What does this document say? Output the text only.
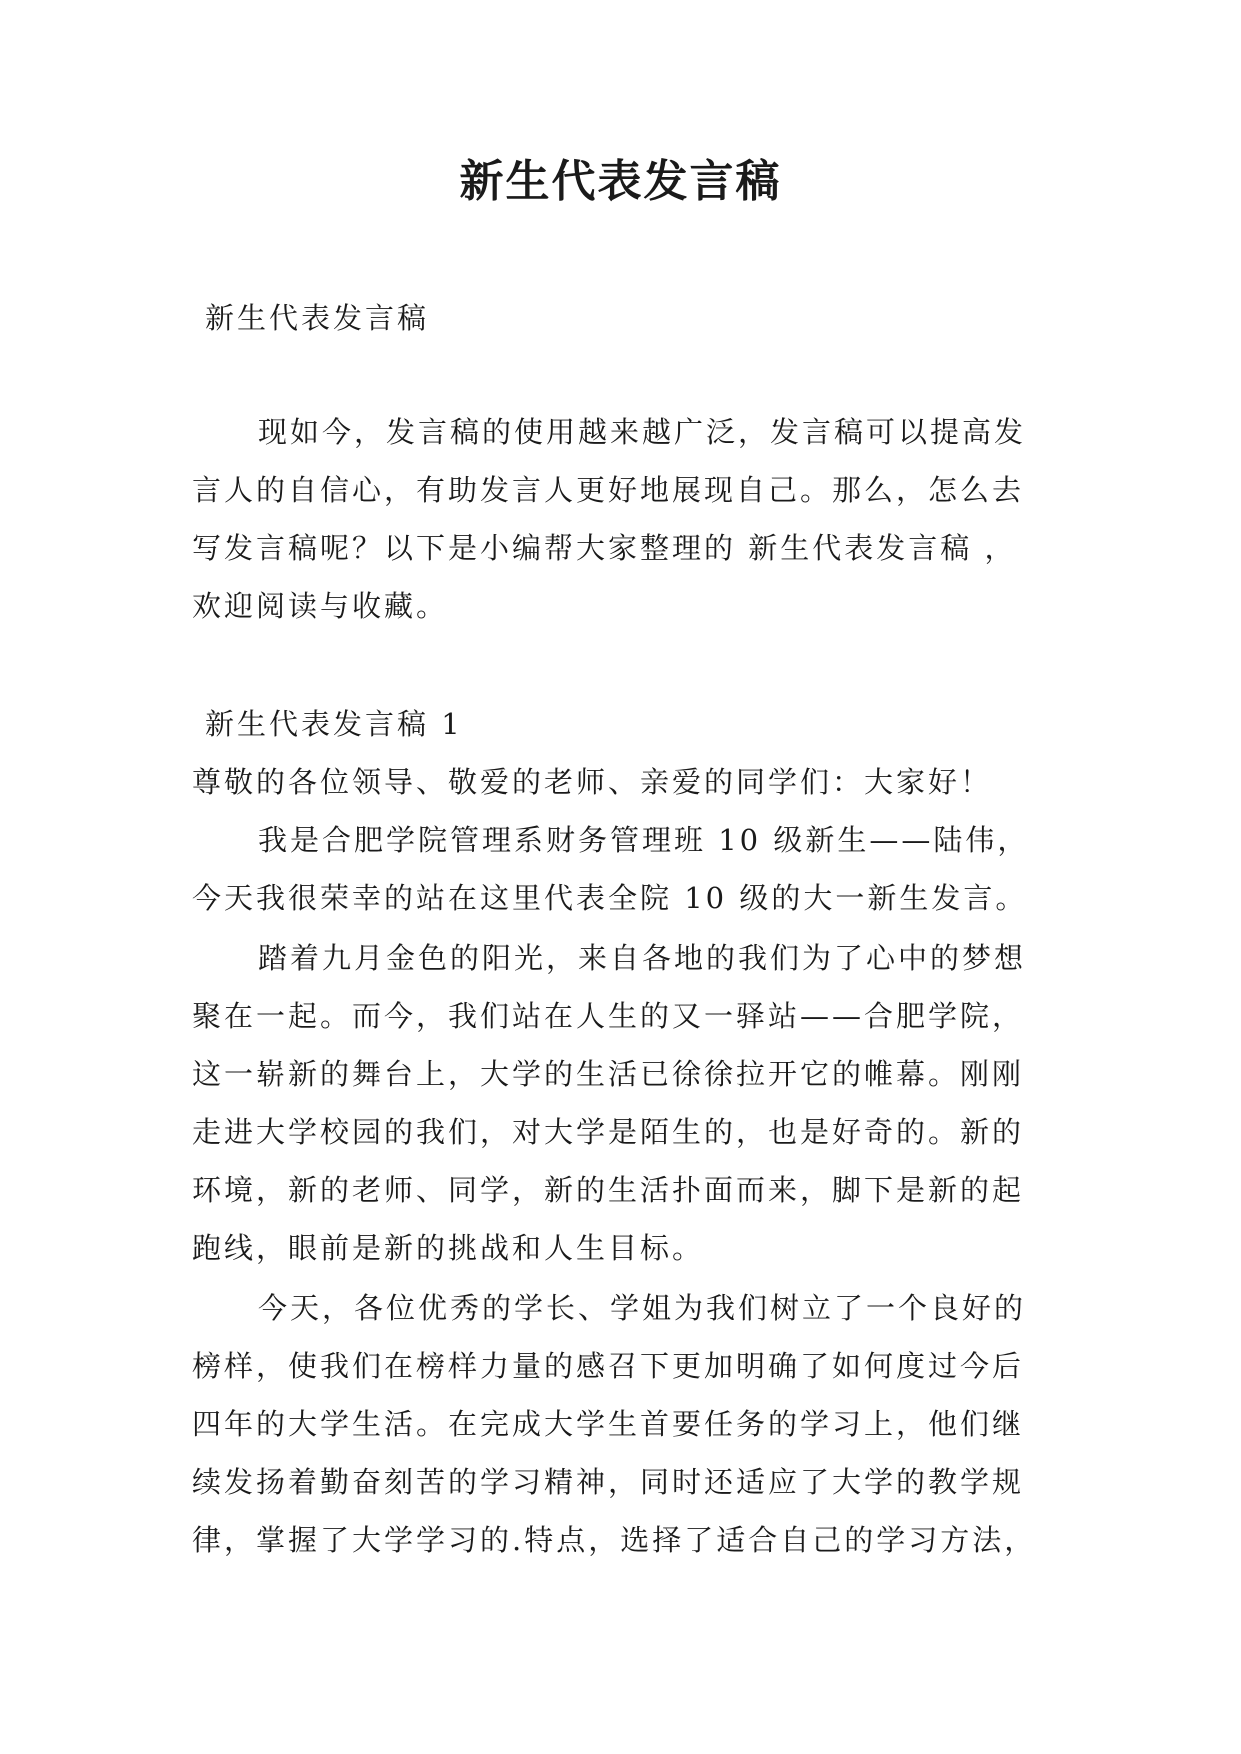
新生代表发言稿

新生代表发言稿

现如今，发言稿的使用越来越广泛，发言稿可以提高发

言人的自信心，有助发言人更好地展现自己。那么，怎么去

写发言稿呢？以下是小编帮大家整理的 新生代表发言稿 ，

欢迎阅读与收藏。

新生代表发言稿 1

尊敬的各位领导、敬爱的老师、亲爱的同学们：大家好！

我是合肥学院管理系财务管理班 10 级新生——陆伟，

今天我很荣幸的站在这里代表全院 10 级的大一新生发言。

踏着九月金色的阳光，来自各地的我们为了心中的梦想

聚在一起。而今，我们站在人生的又一驿站——合肥学院，

这一崭新的舞台上，大学的生活已徐徐拉开它的帷幕。刚刚

走进大学校园的我们，对大学是陌生的，也是好奇的。新的

环境，新的老师、同学，新的生活扑面而来，脚下是新的起

跑线，眼前是新的挑战和人生目标。

今天，各位优秀的学长、学姐为我们树立了一个良好的

榜样，使我们在榜样力量的感召下更加明确了如何度过今后

四年的大学生活。在完成大学生首要任务的学习上，他们继

续发扬着勤奋刻苦的学习精神，同时还适应了大学的教学规

律，掌握了大学学习的.特点，选择了适合自己的学习方法，
